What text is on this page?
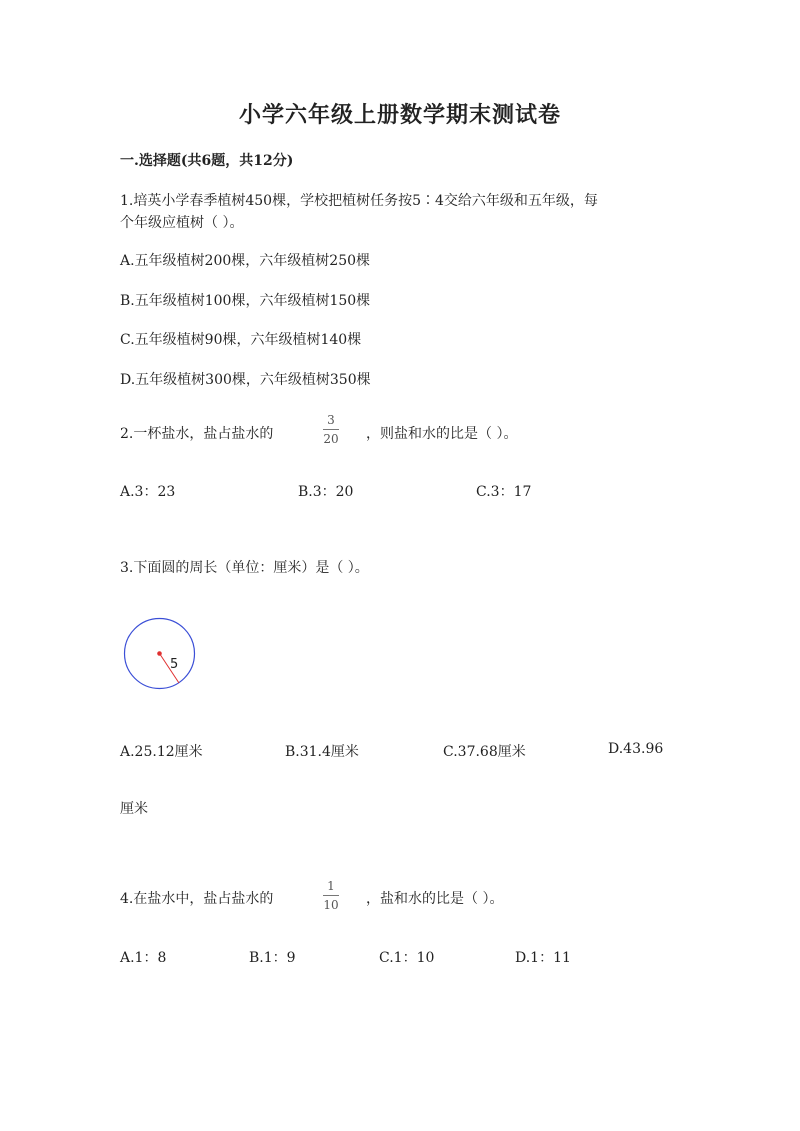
小学六年级上册数学期末测试卷
一.选择题(共6题，共12分)
1.培英小学春季植树450棵，学校把植树任务按5∶4交给六年级和五年级，每
个年级应植树（ ）。
A.五年级植树200棵，六年级植树250棵
B.五年级植树100棵，六年级植树150棵
C.五年级植树90棵，六年级植树140棵
D.五年级植树300棵，六年级植树350棵
2.一杯盐水，盐占盐水的
3
20 ，则盐和水的比是（ ）。
A.3：23	B.3：20	C.3：17
3.下面圆的周长（单位：厘米）是（ ）。
5
A.25.12厘米	B.31.4厘米	C.37.68厘米	D.43.96
厘米
4.在盐水中，盐占盐水的
1
10 ，盐和水的比是（ ）。
A.1：8	B.1：9	C.1：10	D.1：11
